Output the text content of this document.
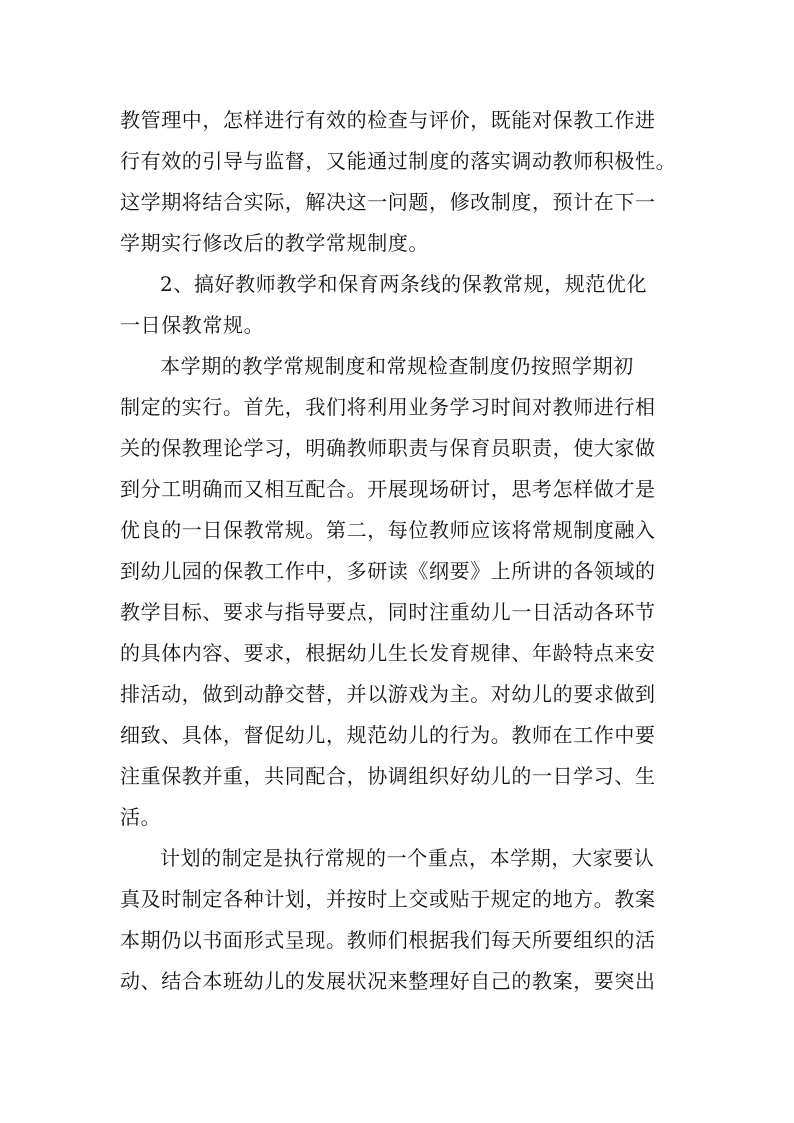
教管理中，怎样进行有效的检查与评价，既能对保教工作进
行有效的引导与监督，又能通过制度的落实调动教师积极性。
这学期将结合实际，解决这一问题，修改制度，预计在下一
学期实行修改后的教学常规制度。
2、搞好教师教学和保育两条线的保教常规，规范优化
一日保教常规。
本学期的教学常规制度和常规检查制度仍按照学期初
制定的实行。首先，我们将利用业务学习时间对教师进行相
关的保教理论学习，明确教师职责与保育员职责，使大家做
到分工明确而又相互配合。开展现场研讨，思考怎样做才是
优良的一日保教常规。第二，每位教师应该将常规制度融入
到幼儿园的保教工作中，多研读《纲要》上所讲的各领域的
教学目标、要求与指导要点，同时注重幼儿一日活动各环节
的具体内容、要求，根据幼儿生长发育规律、年龄特点来安
排活动，做到动静交替，并以游戏为主。对幼儿的要求做到
细致、具体，督促幼儿，规范幼儿的行为。教师在工作中要
注重保教并重，共同配合，协调组织好幼儿的一日学习、生
活。
计划的制定是执行常规的一个重点，本学期，大家要认
真及时制定各种计划，并按时上交或贴于规定的地方。教案
本期仍以书面形式呈现。教师们根据我们每天所要组织的活
动、结合本班幼儿的发展状况来整理好自己的教案，要突出
